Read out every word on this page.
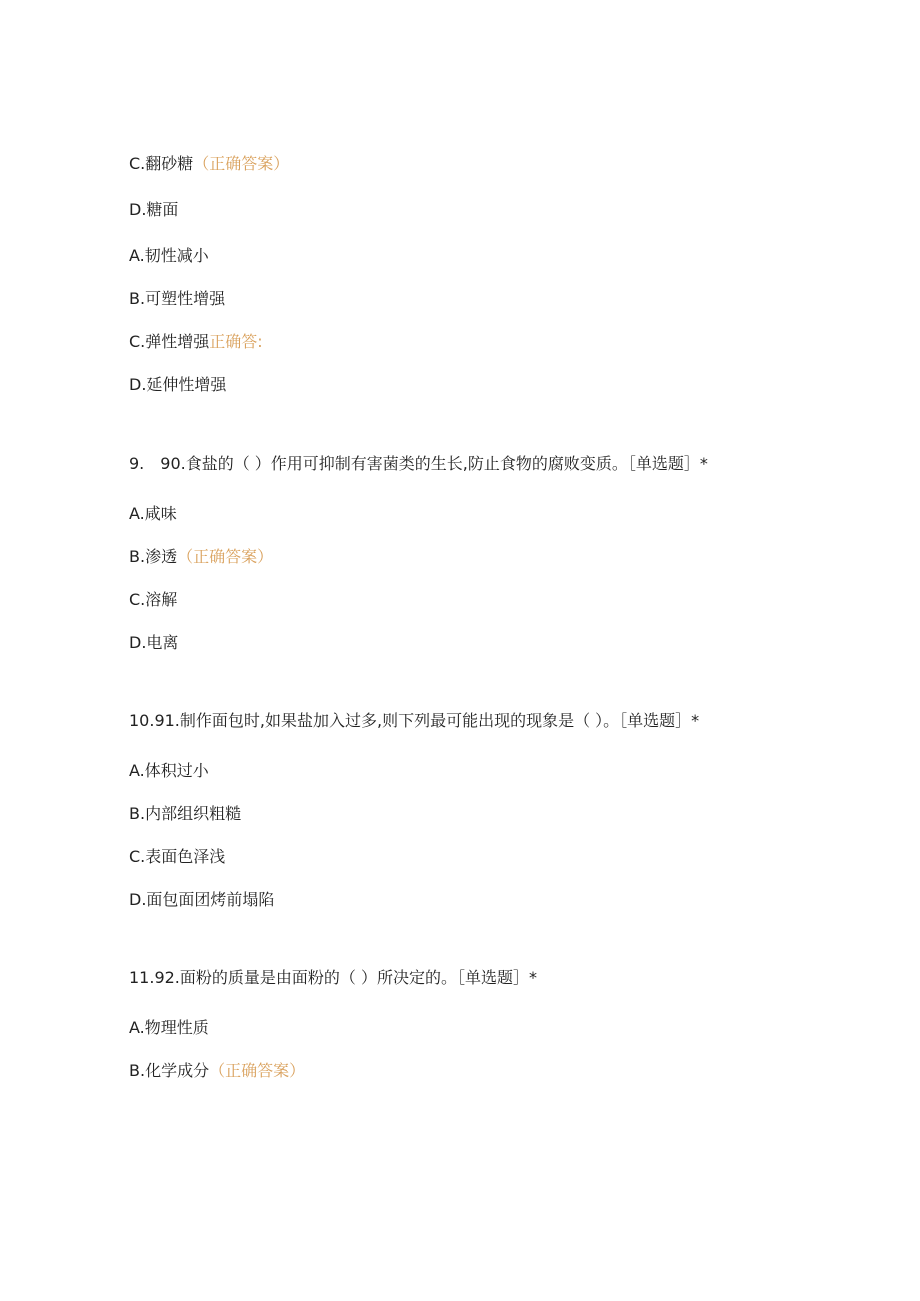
C.翻砂糖（正确答案）
D.糖面
A.韧性减小
B.可塑性增强
C.弹性增强正确答:
D.延伸性增强
9.　90.食盐的（ ）作用可抑制有害菌类的生长,防止食物的腐败变质。［单选题］*
A.咸味
B.渗透（正确答案）
C.溶解
D.电离
10.91.制作面包时,如果盐加入过多,则下列最可能出现的现象是（ ）。［单选题］*
A.体积过小
B.内部组织粗糙
C.表面色泽浅
D.面包面团烤前塌陷
11.92.面粉的质量是由面粉的（ ）所决定的。［单选题］*
A.物理性质
B.化学成分（正确答案）
